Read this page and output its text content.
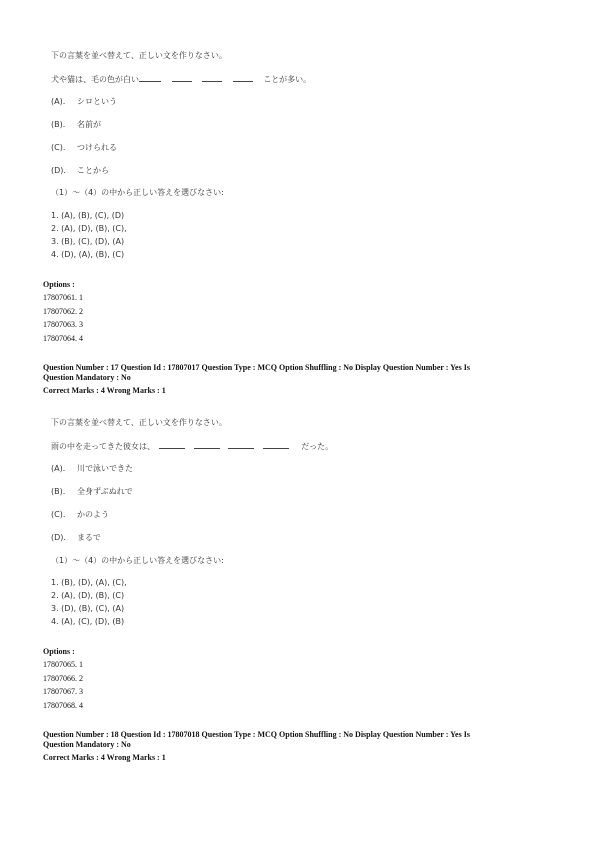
下の言葉を並べ替えて、正しい文を作りなさい。
犬や猫は、毛の色が白い	ことが多い。
(A). シロという
(B). 名前が
(C). つけられる
(D). ことから
（1）～（4）の中から正しい答えを選びなさい:
1. (A), (B), (C), (D)
2. (A), (D), (B), (C),
3. (B), (C), (D), (A)
4. (D), (A), (B), (C)
Options :
17807061. 1
17807062. 2
17807063. 3
17807064. 4
Question Number : 17 Question Id : 17807017 Question Type : MCQ Option Shuffling : No Display Question Number : Yes Is
Question Mandatory : No
Correct Marks : 4 Wrong Marks : 1
下の言葉を並べ替えて、正しい文を作りなさい。
雨の中を走ってきた彼女は、	だった。
(A). 川で泳いできた
(B). 全身ずぶぬれで
(C). かのよう
(D). まるで
（1）～（4）の中から正しい答えを選びなさい:
1. (B), (D), (A), (C),
2. (A), (D), (B), (C)
3. (D), (B), (C), (A)
4. (A), (C), (D), (B)
Options :
17807065. 1
17807066. 2
17807067. 3
17807068. 4
Question Number : 18 Question Id : 17807018 Question Type : MCQ Option Shuffling : No Display Question Number : Yes Is
Question Mandatory : No
Correct Marks : 4 Wrong Marks : 1
